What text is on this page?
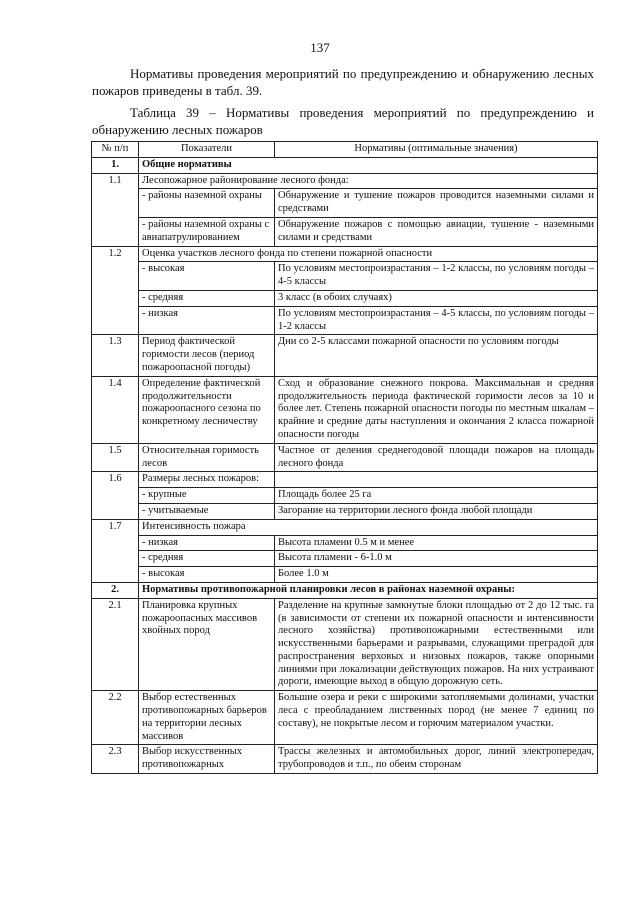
137
Нормативы проведения мероприятий по предупреждению и обнаружению лесных пожаров приведены в табл. 39.
Таблица 39 – Нормативы проведения мероприятий по предупреждению и обнаружению лесных пожаров
№ п/п	Показатели	Нормативы (оптимальные значения)
1.	Общие нормативы	
1.1	Лесопожарное районирование лесного фонда:	
	- районы наземной охраны	Обнаружение и тушение пожаров проводится наземными силами и средствами
	- районы наземной охраны с авиапатрулированием	Обнаружение пожаров с помощью авиации, тушение - наземными силами и средствами
1.2	Оценка участков лесного фонда по степени пожарной опасности	
	- высокая	По условиям местопроизрастания – 1-2 классы, по условиям погоды – 4-5 классы
	- средняя	3 класс (в обоих случаях)
	- низкая	По условиям местопроизрастания – 4-5 классы, по условиям погоды – 1-2 классы
1.3	Период фактической горимости лесов (период пожароопасной погоды)	Дни со 2-5 классами пожарной опасности по условиям погоды
1.4	Определение фактической продолжительности пожароопасного сезона по конкретному лесничеству	Сход и образование снежного покрова. Максимальная и средняя продолжительность периода фактической горимости лесов за 10 и более лет. Степень пожарной опасности погоды по местным шкалам – крайние и средние даты наступления и окончания 2 класса пожарной опасности погоды
1.5	Относительная горимость лесов	Частное от деления среднегодовой площади пожаров на площадь лесного фонда
1.6	Размеры лесных пожаров:	
	- крупные	Площадь более 25 га
	- учитываемые	Загорание на территории лесного фонда любой площади
1.7	Интенсивность пожара	
	- низкая	Высота пламени 0.5 м и менее
	- средняя	Высота пламени - 6-1.0 м
	- высокая	Более 1.0 м
2.	Нормативы противопожарной планировки лесов в районах наземной охраны:	
2.1	Планировка крупных пожароопасных массивов хвойных пород	Разделение на крупные замкнутые блоки площадью от 2 до 12 тыс. га (в зависимости от степени их пожарной опасности и интенсивности лесного хозяйства) противопожарными естественными или искусственными барьерами и разрывами, служащими преградой для распространения верховых и низовых пожаров, также опорными линиями при локализации действующих пожаров. На них устраивают дороги, имеющие выход в общую дорожную сеть.
2.2	Выбор естественных противопожарных барьеров на территории лесных массивов	Большие озера и реки с широкими затопляемыми долинами, участки леса с преобладанием лиственных пород (не менее 7 единиц по составу), не покрытые лесом и горючим материалом участки.
2.3	Выбор искусственных противопожарных	Трассы железных и автомобильных дорог, линий электропередач, трубопроводов и т.п., по обеим сторонам
